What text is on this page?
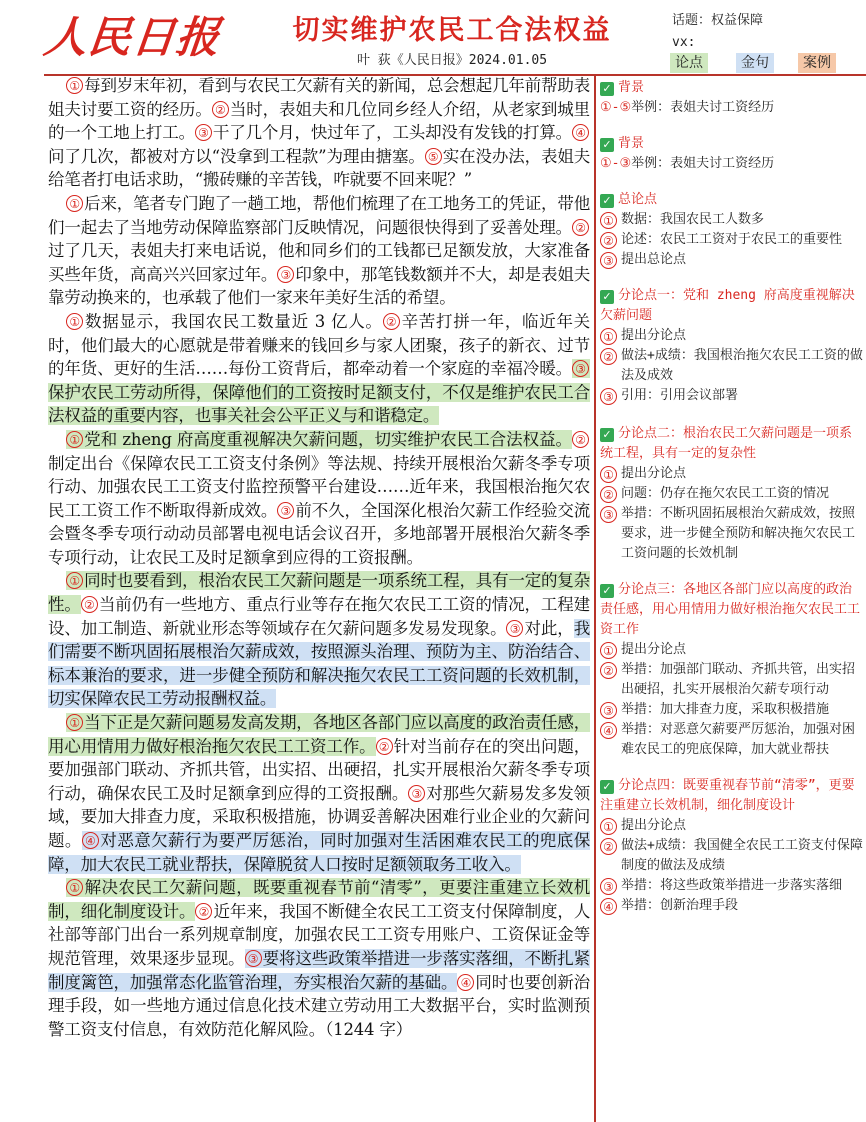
人民日报	切实维护农民工合法权益
叶 荻《人民日报》2024.01.05
话题：权益保障
vx:
论点	金句	案例

① 每到岁末年初，看到与农民工欠薪有关的新闻，总会想起几年前帮助表姐夫讨要工资的经历。 ② 当时，表姐夫和几位同乡经人介绍，从老家到城里的一个工地上打工。 ③ 干了几个月，快过年了，工头却没有发钱的打算。 ④问了几次，都被对方以“没拿到工程款”为理由搪塞。 ⑤ 实在没办法，表姐夫给笔者打电话求助，“搬砖赚的辛苦钱，咋就要不回来呢？”

① 后来，笔者专门跑了一趟工地，帮他们梳理了在工地务工的凭证，带他们一起去了当地劳动保障监察部门反映情况，问题很快得到了妥善处理。 ②过了几天，表姐夫打来电话说，他和同乡们的工钱都已足额发放，大家准备买些年货，高高兴兴回家过年。 ③ 印象中，那笔钱数额并不大，却是表姐夫靠劳动换来的，也承载了他们一家来年美好生活的希望。

① 数据显示，我国农民工数量近 3 亿人。 ② 辛苦打拼一年，临近年关时，他们最大的心愿就是带着赚来的钱回乡与家人团聚，孩子的新衣、过节的年货、更好的生活……每份工资背后，都牵动着一个家庭的幸福冷暖。 ③保护农民工劳动所得，保障他们的工资按时足额支付，不仅是维护农民工合法权益的重要内容，也事关社会公平正义与和谐稳定。

① 党和 zheng 府高度重视解决欠薪问题，切实维护农民工合法权益。 ②制定出台《保障农民工工资支付条例》等法规、持续开展根治欠薪冬季专项行动、加强农民工工资支付监控预警平台建设……近年来，我国根治拖欠农民工工资工作不断取得新成效。 ③ 前不久，全国深化根治欠薪工作经验交流会暨冬季专项行动动员部署电视电话会议召开，多地部署开展根治欠薪冬季专项行动，让农民工及时足额拿到应得的工资报酬。

① 同时也要看到，根治农民工欠薪问题是一项系统工程，具有一定的复杂性。 ② 当前仍有一些地方、重点行业等存在拖欠农民工工资的情况，工程建设、加工制造、新就业形态等领域存在欠薪问题多发易发现象。 ③ 对此，我们需要不断巩固拓展根治欠薪成效，按照源头治理、预防为主、防治结合、标本兼治的要求，进一步健全预防和解决拖欠农民工工资问题的长效机制，切实保障农民工劳动报酬权益。

① 当下正是欠薪问题易发高发期，各地区各部门应以高度的政治责任感，用心用情用力做好根治拖欠农民工工资工作。 ② 针对当前存在的突出问题，要加强部门联动、齐抓共管，出实招、出硬招，扎实开展根治欠薪冬季专项行动，确保农民工及时足额拿到应得的工资报酬。 ③ 对那些欠薪易发多发领域，要加大排查力度，采取积极措施，协调妥善解决困难行业企业的欠薪问题。 ④ 对恶意欠薪行为要严厉惩治，同时加强对生活困难农民工的兜底保障，加大农民工就业帮扶，保障脱贫人口按时足额领取务工收入。

① 解决农民工欠薪问题，既要重视春节前“清零”，更要注重建立长效机制，细化制度设计。 ② 近年来，我国不断健全农民工工资支付保障制度，人社部等部门出台一系列规章制度，加强农民工工资专用账户、工资保证金等规范管理，效果逐步显现。 ③ 要将这些政策举措进一步落实落细，不断扎紧制度篱笆，加强常态化监管治理，夯实根治欠薪的基础。 ④ 同时也要创新治理手段，如一些地方通过信息化技术建立劳动用工大数据平台，实时监测预警工资支付信息，有效防范化解风险。（1244 字）

✓ 背景
①-⑤ 举例：表姐夫讨工资经历
✓ 背景
①-③ 举例：表姐夫讨工资经历
✓ 总论点
① 数据：我国农民工人数多
② 论述：农民工工资对于农民工的重要性
③ 提出总论点
✓ 分论点一：党和 zheng 府高度重视解决欠薪问题
① 提出分论点
② 做法+成绩：我国根治拖欠农民工工资的做法及成效
③ 引用：引用会议部署
✓ 分论点二：根治农民工欠薪问题是一项系统工程，具有一定的复杂性
① 提出分论点
② 问题：仍存在拖欠农民工工资的情况
③ 举措：不断巩固拓展根治欠薪成效，按照要求，进一步健全预防和解决拖欠农民工工资问题的长效机制
✓ 分论点三：各地区各部门应以高度的政治责任感，用心用情用力做好根治拖欠农民工工资工作
① 提出分论点
② 举措：加强部门联动、齐抓共管，出实招出硬招，扎实开展根治欠薪专项行动
③ 举措：加大排查力度，采取积极措施
④ 举措：对恶意欠薪要严厉惩治，加强对困难农民工的兜底保障，加大就业帮扶
✓ 分论点四：既要重视春节前“清零”，更要注重建立长效机制，细化制度设计
① 提出分论点
② 做法+成绩：我国健全农民工工资支付保障制度的做法及成绩
③ 举措：将这些政策举措进一步落实落细
④ 举措：创新治理手段
